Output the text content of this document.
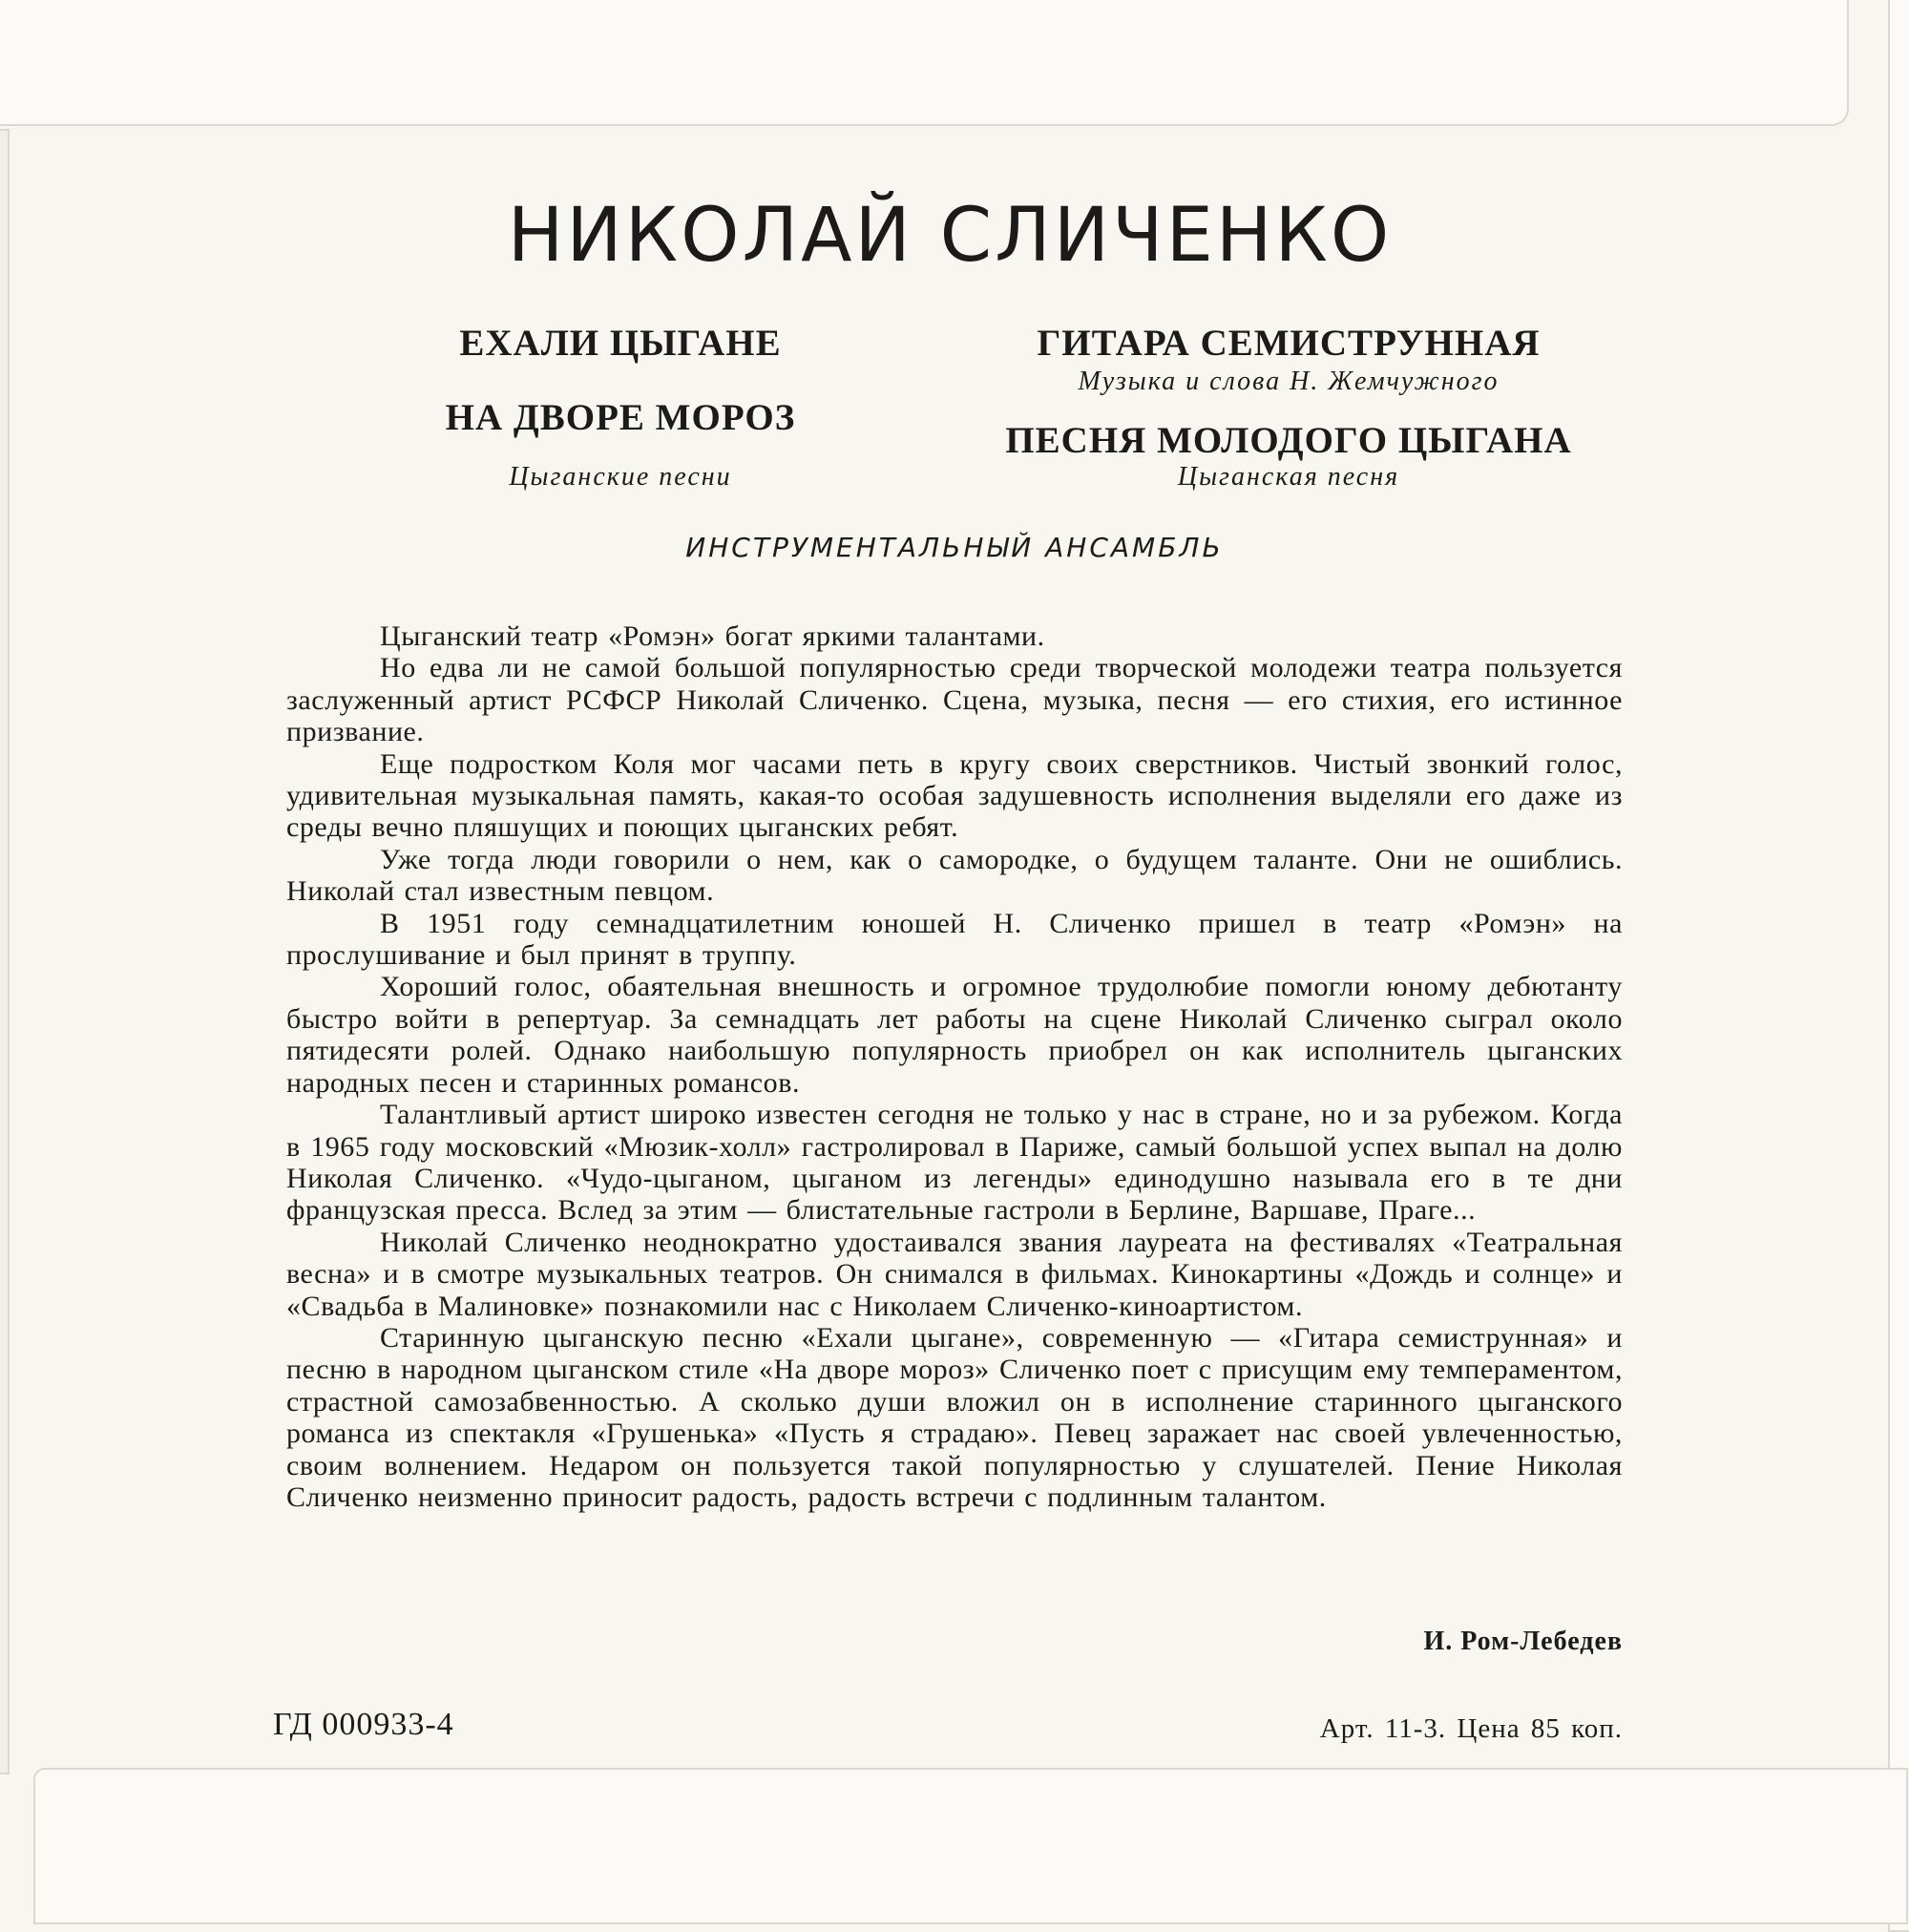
НИКОЛАЙ СЛИЧЕНКО
ЕХАЛИ ЦЫГАНЕ
НА ДВОРЕ МОРОЗ

Цыганские песни

ГИТАРА СЕМИСТРУННАЯ

Музыка и слова Н. Жемчужного

ПЕСНЯ МОЛОДОГО ЦЫГАНА

Цыганская песня

ИНСТРУМЕНТАЛЬНЫЙ АНСАМБЛЬ

Цыганский театр «Ромэн» богат яркими талантами.

Но едва ли не самой большой популярностью среди творческой молодежи театра пользуется заслуженный артист РСФСР Николай Сличенко. Сцена, музыка, песня — его стихия, его истинное призвание.

Еще подростком Коля мог часами петь в кругу своих сверстников. Чистый звонкий голос, удивительная музыкальная память, какая-то особая задушевность исполнения выделяли его даже из среды вечно пляшущих и поющих цыганских ребят.

Уже тогда люди говорили о нем, как о самородке, о будущем таланте. Они не ошиблись. Николай стал известным певцом.

В 1951 году семнадцатилетним юношей Н. Сличенко пришел в театр «Ромэн» на прослушивание и был принят в труппу.

Хороший голос, обаятельная внешность и огромное трудолюбие помогли юному дебютанту быстро войти в репертуар. За семнадцать лет работы на сцене Николай Сличенко сыграл около пятидесяти ролей. Однако наибольшую популярность приобрел он как исполнитель цыганских народных песен и старинных романсов.

Талантливый артист широко известен сегодня не только у нас в стране, но и за рубежом. Когда в 1965 году московский «Мюзик-холл» гастролировал в Париже, самый большой успех выпал на долю Николая Сличенко. «Чудо-цыганом, цыганом из легенды» единодушно называла его в те дни французская пресса. Вслед за этим — блистательные гастроли в Берлине, Варшаве, Праге...

Николай Сличенко неоднократно удостаивался звания лауреата на фестивалях «Театральная весна» и в смотре музыкальных театров. Он снимался в фильмах. Кинокартины «Дождь и солнце» и «Свадьба в Малиновке» познакомили нас с Николаем Сличенко-киноартистом.

Старинную цыганскую песню «Ехали цыгане», современную — «Гитара семиструнная» и песню в народном цыганском стиле «На дворе мороз» Сличенко поет с присущим ему темпераментом, страстной самозабвенностью. А сколько души вложил он в исполнение старинного цыганского романса из спектакля «Грушенька» «Пусть я страдаю». Певец заражает нас своей увлеченностью, своим волнением. Недаром он пользуется такой популярностью у слушателей. Пение Николая Сличенко неизменно приносит радость, радость встречи с подлинным талантом.

И. Ром-Лебедев

ГД 000933-4	Арт. 11-3. Цена 85 коп.
